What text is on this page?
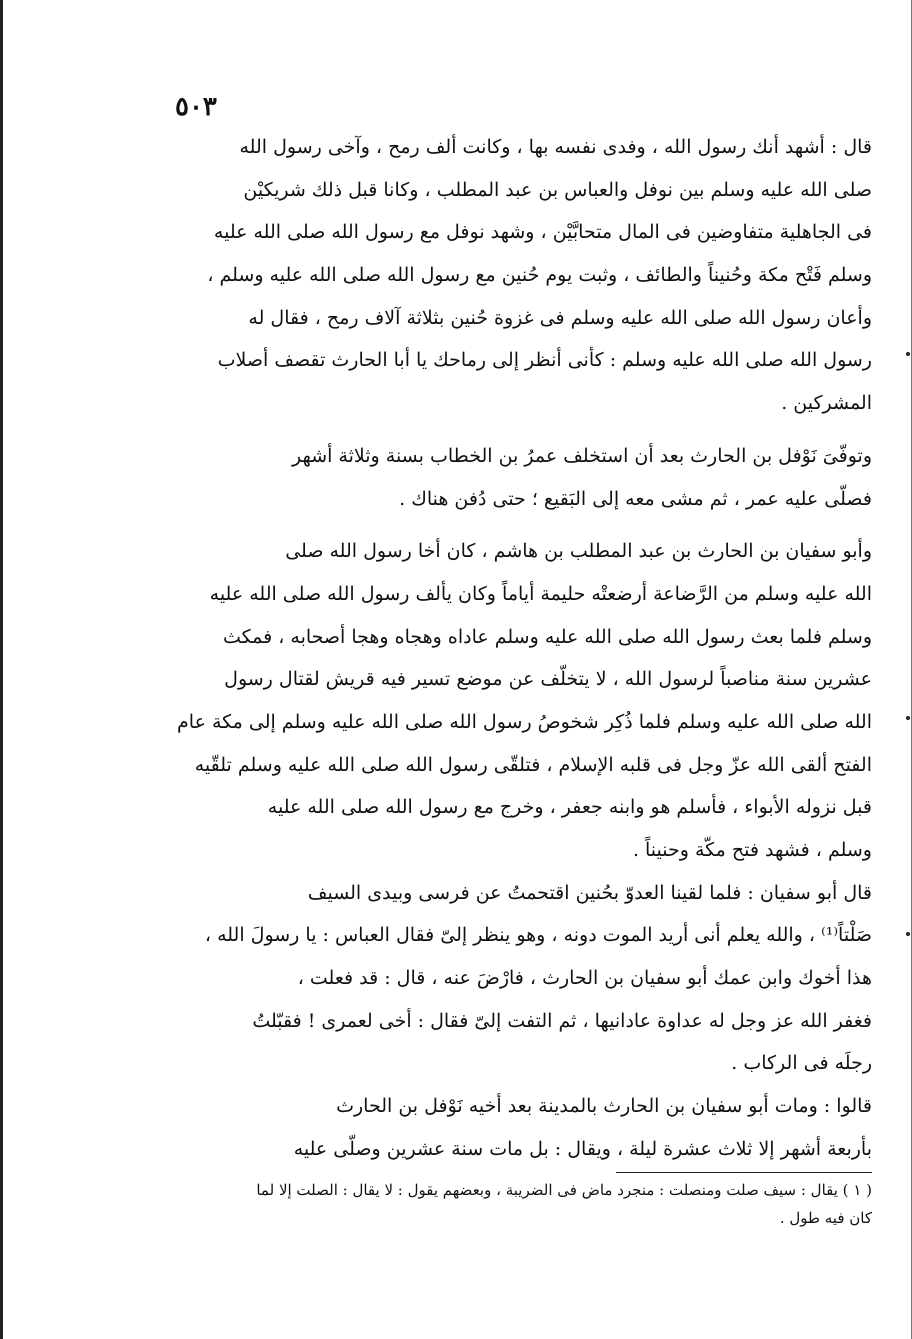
٥٠٣
قال : أشهد أنك رسول الله ، وفدى نفسه بها ، وكانت ألف رمح ، وآخى رسول الله
صلى الله عليه وسلم بين نوفل والعباس بن عبد المطلب ، وكانا قبل ذلك شريكيْن
فى الجاهلية متفاوضين فى المال متحابَّيْن ، وشهد نوفل مع رسول الله صلى الله عليه
وسلم فَتْح مكة وحُنيناً والطائف ، وثبت يوم حُنين مع رسول الله صلى الله عليه وسلم ،
وأعان رسول الله صلى الله عليه وسلم فى غزوة حُنين بثلاثة آلاف رمح ، فقال له
رسول الله صلى الله عليه وسلم : كأنى أنظر إلى رماحك يا أبا الحارث تقصف أصلاب
المشركين .
وتوفّىَ نَوْفل بن الحارث بعد أن استخلف عمرُ بن الخطاب بسنة وثلاثة أشهر
فصلّى عليه عمر ، ثم مشى معه إلى البَقيع ؛ حتى دُفن هناك .
وأبو سفيان بن الحارث بن عبد المطلب بن هاشم ، كان أخا رسول الله صلى
الله عليه وسلم من الرَّضاعة أرضعتْه حليمة أياماً وكان يألف رسول الله صلى الله عليه
وسلم فلما بعث رسول الله صلى الله عليه وسلم عاداه وهجاه وهجا أصحابه ، فمكث
عشرين سنة مناصباً لرسول الله ، لا يتخلّف عن موضع تسير فيه قريش لقتال رسول
الله صلى الله عليه وسلم فلما ذُكِر شخوصُ رسول الله صلى الله عليه وسلم إلى مكة عام
الفتح ألقى الله عزّ وجل فى قلبه الإسلام ، فتلقّى رسول الله صلى الله عليه وسلم تلقّيه
قبل نزوله الأبواء ، فأسلم هو وابنه جعفر ، وخرج مع رسول الله صلى الله عليه
وسلم ، فشهد فتح مكّة وحنيناً .
قال أبو سفيان : فلما لقينا العدوّ بحُنين اقتحمتُ عن فرسى وبيدى السيف
صَلْتاً⁽¹⁾ ، والله يعلم أنى أريد الموت دونه ، وهو ينظر إلىّ فقال العباس : يا رسولَ الله ،
هذا أخوك وابن عمك أبو سفيان بن الحارث ، فارْضَ عنه ، قال : قد فعلت ،
فغفر الله عز وجل له عداوة عادانيها ، ثم التفت إلىّ فقال : أخى لعمرى ! فقبّلتُ
رجلَه فى الركاب .
قالوا : ومات أبو سفيان بن الحارث بالمدينة بعد أخيه نَوْفل بن الحارث
بأربعة أشهر إلا ثلاث عشرة ليلة ، ويقال : بل مات سنة عشرين وصلّى عليه
( ١ ) يقال : سيف صلت ومنصلت : منجرد ماض فى الضريبة ، وبعضهم يقول : لا يقال : الصلت إلا لما
كان فيه طول .
